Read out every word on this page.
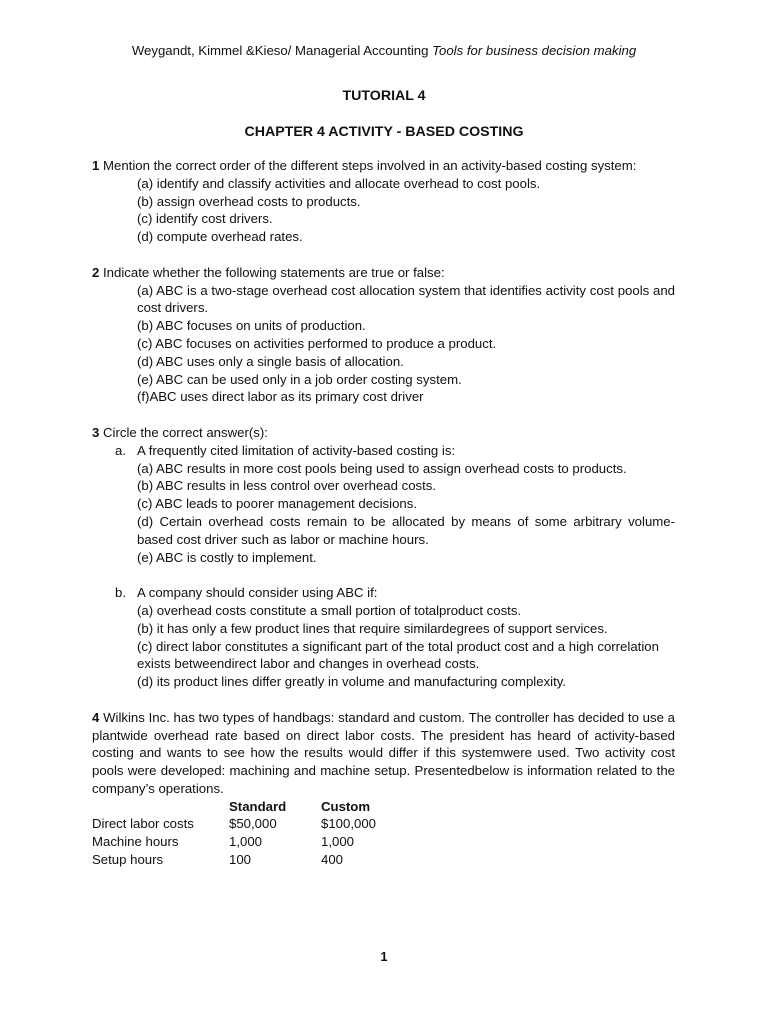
Weygandt, Kimmel &Kieso/ Managerial Accounting Tools for business decision making
TUTORIAL 4
CHAPTER 4 ACTIVITY - BASED COSTING

1 Mention the correct order of the different steps involved in an activity-based costing system:

(a) identify and classify activities and allocate overhead to cost pools.
(b) assign overhead costs to products.
(c) identify cost drivers.
(d) compute overhead rates.

2 Indicate whether the following statements are true or false:

(a) ABC is a two-stage overhead cost allocation system that identifies activity cost pools and cost drivers.
(b) ABC focuses on units of production.
(c) ABC focuses on activities performed to produce a product.
(d) ABC uses only a single basis of allocation.
(e) ABC can be used only in a job order costing system.
(f)ABC uses direct labor as its primary cost driver

3 Circle the correct answer(s):

a. A frequently cited limitation of activity-based costing is:
(a) ABC results in more cost pools being used to assign overhead costs to products.
(b) ABC results in less control over overhead costs.
(c) ABC leads to poorer management decisions.
(d) Certain overhead costs remain to be allocated by means of some arbitrary volume-based cost driver such as labor or machine hours.
(e) ABC is costly to implement.
b. A company should consider using ABC if:
(a) overhead costs constitute a small portion of totalproduct costs.
(b) it has only a few product lines that require similardegrees of support services.
(c) direct labor constitutes a significant part of the total product cost and a high correlation exists betweendirect labor and changes in overhead costs.
(d) its product lines differ greatly in volume and manufacturing complexity.

4 Wilkins Inc. has two types of handbags: standard and custom. The controller has decided to use a plantwide overhead rate based on direct labor costs. The president has heard of activity-based costing and wants to see how the results would differ if this systemwere used. Two activity cost pools were developed: machining and machine setup. Presentedbelow is information related to the company’s operations.

	Standard	Custom
Direct labor costs	$50,000	$100,000
Machine hours	1,000	1,000
Setup hours	100	400
1
